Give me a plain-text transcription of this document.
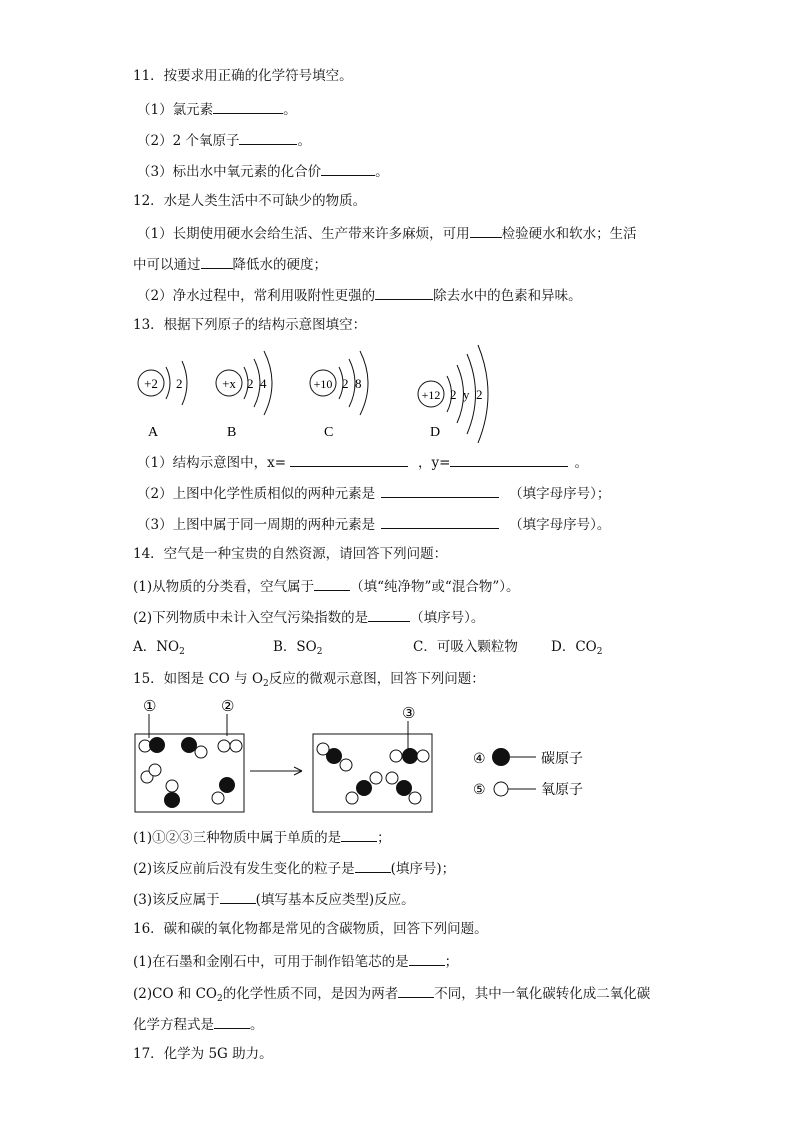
11．按要求用正确的化学符号填空。
（1）氯元素	。
（2）2 个氧原子	。
（3）标出水中氧元素的化合价	。
12．水是人类生活中不可缺少的物质。
（1）长期使用硬水会给生活、生产带来许多麻烦，可用 检验硬水和软水；生活
中可以通过 降低水的硬度；
（2）净水过程中，常利用吸附性更强的	除去水中的色素和异味。
13．根据下列原子的结构示意图填空：
+2 2
A
+x 2 4
B
+10 2 8
C
+12 2 y 2
D
（1）结构示意图中，x=	，y=	。
（2）上图中化学性质相似的两种元素是	（填字母序号）；
（3）上图中属于同一周期的两种元素是	（填字母序号）。
14．空气是一种宝贵的自然资源，请回答下列问题：
(1)从物质的分类看，空气属于	（填“纯净物”或“混合物”）。
(2)下列物质中未计入空气污染指数的是	（填序号）。
A．$NO_2$	B．$SO_2$	C．可吸入颗粒物 D．$CO_2$
15．如图是 CO 与 $O_2$反应的微观示意图，回答下列问题：
①	②	③
④	碳原子
⑤	氧原子
(1)①②③三种物质中属于单质的是	；
(2)该反应前后没有发生变化的粒子是	(填序号)；
(3)该反应属于	(填写基本反应类型)反应。
16．碳和碳的氧化物都是常见的含碳物质，回答下列问题。
(1)在石墨和金刚石中，可用于制作铅笔芯的是	；
(2)CO 和 $CO_2$的化学性质不同，是因为两者	不同，其中一氧化碳转化成二氧化碳
化学方程式是	。
17．化学为 5G 助力。
